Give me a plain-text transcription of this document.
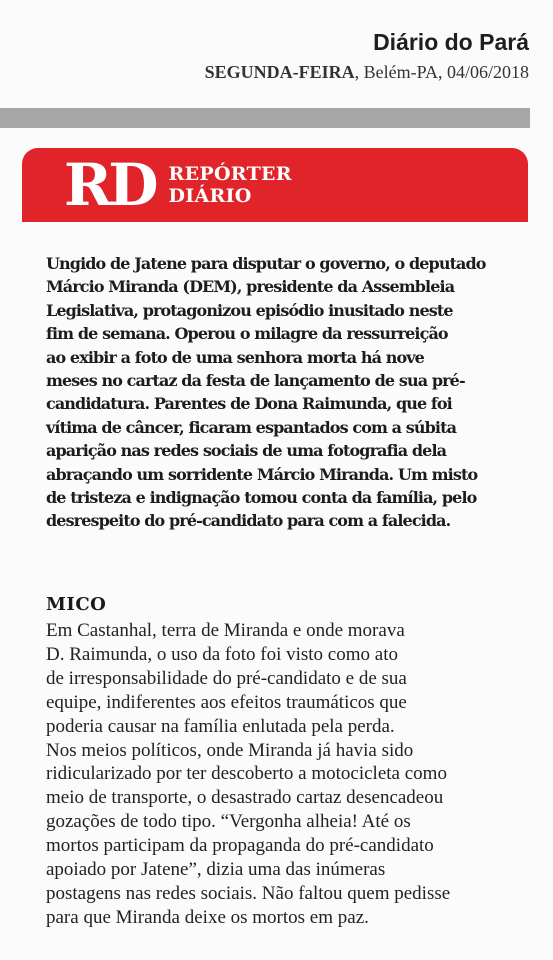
Diário do Pará
SEGUNDA-FEIRA, Belém-PA, 04/06/2018
RD REPÓRTER
DIÁRIO
Ungido de Jatene para disputar o governo, o deputado
Márcio Miranda (DEM), presidente da Assembleia
Legislativa, protagonizou episódio inusitado neste
fim de semana. Operou o milagre da ressurreição
ao exibir a foto de uma senhora morta há nove
meses no cartaz da festa de lançamento de sua pré-
candidatura. Parentes de Dona Raimunda, que foi
vítima de câncer, ficaram espantados com a súbita
aparição nas redes sociais de uma fotografia dela
abraçando um sorridente Márcio Miranda. Um misto
de tristeza e indignação tomou conta da família, pelo
desrespeito do pré-candidato para com a falecida.
MICO
Em Castanhal, terra de Miranda e onde morava
D. Raimunda, o uso da foto foi visto como ato
de irresponsabilidade do pré-candidato e de sua
equipe, indiferentes aos efeitos traumáticos que
poderia causar na família enlutada pela perda.
Nos meios políticos, onde Miranda já havia sido
ridicularizado por ter descoberto a motocicleta como
meio de transporte, o desastrado cartaz desencadeou
gozações de todo tipo. “Vergonha alheia! Até os
mortos participam da propaganda do pré-candidato
apoiado por Jatene”, dizia uma das inúmeras
postagens nas redes sociais. Não faltou quem pedisse
para que Miranda deixe os mortos em paz.
